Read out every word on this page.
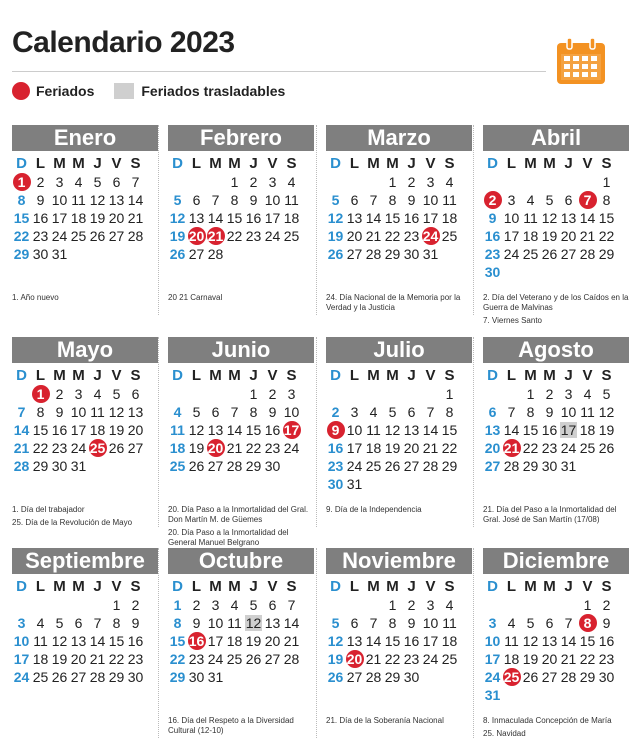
Calendario 2023
Feriados	Feriados trasladables
Enero
D L M M J V S
1 2 3 4 5 6 7
8 9 10 11 12 13 14
15 16 17 18 19 20 21
22 23 24 25 26 27 28
29 30 31
1. Año nuevo
Febrero
D L M M J V S
1 2 3 4
5 6 7 8 9 10 11
12 13 14 15 16 17 18
19 20 21 22 23 24 25
26 27 28
20 21 Carnaval
Marzo
D L M M J V S
1 2 3 4
5 6 7 8 9 10 11
12 13 14 15 16 17 18
19 20 21 22 23 24 25
26 27 28 29 30 31
24. Día Nacional de la Memoria por la Verdad y la Justicia
Abril
D L M M J V S
1
2 3 4 5 6 7 8
9 10 11 12 13 14 15
16 17 18 19 20 21 22
23 24 25 26 27 28 29
30
2. Día del Veterano y de los Caídos en la Guerra de Malvinas
7. Viernes Santo
Mayo
D L M M J V S
1 2 3 4 5 6
7 8 9 10 11 12 13
14 15 16 17 18 19 20
21 22 23 24 25 26 27
28 29 30 31
1. Día del trabajador
25. Día de la Revolución de Mayo
Junio
D L M M J V S
1 2 3
4 5 6 7 8 9 10
11 12 13 14 15 16 17
18 19 20 21 22 23 24
25 26 27 28 29 30
20. Día Paso a la Inmortalidad del Gral. Don Martín M. de Güemes
20. Día Paso a la Inmortalidad del General Manuel Belgrano
Julio
D L M M J V S
1
2 3 4 5 6 7 8
9 10 11 12 13 14 15
16 17 18 19 20 21 22
23 24 25 26 27 28 29
30 31
9. Día de la Independencia
Agosto
D L M M J V S
1 2 3 4 5
6 7 8 9 10 11 12
13 14 15 16 17 18 19
20 21 22 23 24 25 26
27 28 29 30 31
21. Día del Paso a la Inmortalidad del Gral. José de San Martín (17/08)
Septiembre
D L M M J V S
1 2
3 4 5 6 7 8 9
10 11 12 13 14 15 16
17 18 19 20 21 22 23
24 25 26 27 28 29 30
Octubre
D L M M J V S
1 2 3 4 5 6 7
8 9 10 11 12 13 14
15 16 17 18 19 20 21
22 23 24 25 26 27 28
29 30 31
16. Día del Respeto a la Diversidad Cultural (12-10)
Noviembre
D L M M J V S
1 2 3 4
5 6 7 8 9 10 11
12 13 14 15 16 17 18
19 20 21 22 23 24 25
26 27 28 29 30
21. Día de la Soberanía Nacional
Diciembre
D L M M J V S
1 2
3 4 5 6 7 8 9
10 11 12 13 14 15 16
17 18 19 20 21 22 23
24 25 26 27 28 29 30
31
8. Inmaculada Concepción de María
25. Navidad
